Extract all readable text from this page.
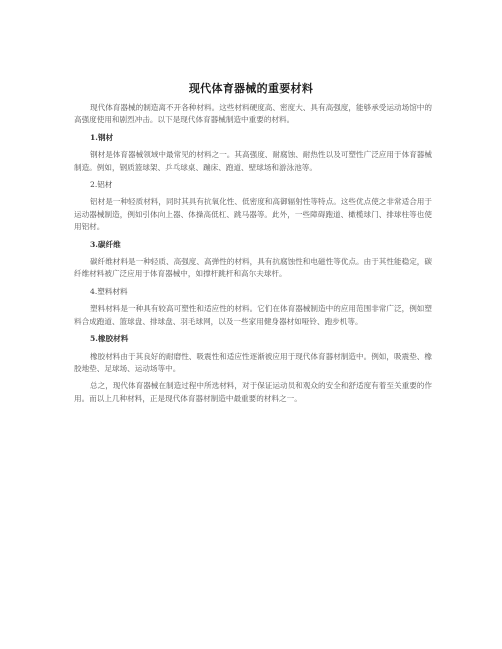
现代体育器械的重要材料

现代体育器械的制造离不开各种材料。这些材料硬度高、密度大、具有高强度，能够承受运动场馆中的高强度使用和剧烈冲击。以下是现代体育器械制造中重要的材料。

1.钢材

钢材是体育器械领域中最常见的材料之一。其高强度、耐腐蚀、耐热性以及可塑性广泛应用于体育器械制造。例如，钢质篮球架、乒乓球桌、蹦床、跑道、壁球场和游泳池等。

2.铝材

铝材是一种轻质材料，同时其具有抗氧化性、低密度和高御辐射性等特点。这些优点使之非常适合用于运动器械制造，例如引体向上器、体操高低杠、跳马器等。此外，一些障碍跑道、橄榄球门、排球柱等也使用铝材。

3.碳纤维

碳纤维材料是一种轻质、高强度、高弹性的材料，具有抗腐蚀性和电磁性等优点。由于其性能稳定，碳纤维材料被广泛应用于体育器械中，如撑杆跳杆和高尔夫球杆。

4.塑料材料

塑料材料是一种具有较高可塑性和适应性的材料。它们在体育器械制造中的应用范围非常广泛，例如塑料合成跑道、篮球盘、排球盘、羽毛球网，以及一些家用健身器材如哑铃、跑步机等。

5.橡胶材料

橡胶材料由于其良好的耐磨性、吸震性和适应性逐渐被应用于现代体育器材制造中。例如，吸震垫、橡胶地垫、足球场、运动场等中。

总之，现代体育器械在制造过程中所选材料，对于保证运动员和观众的安全和舒适度有着至关重要的作用。而以上几种材料，正是现代体育器材制造中最重要的材料之一。
